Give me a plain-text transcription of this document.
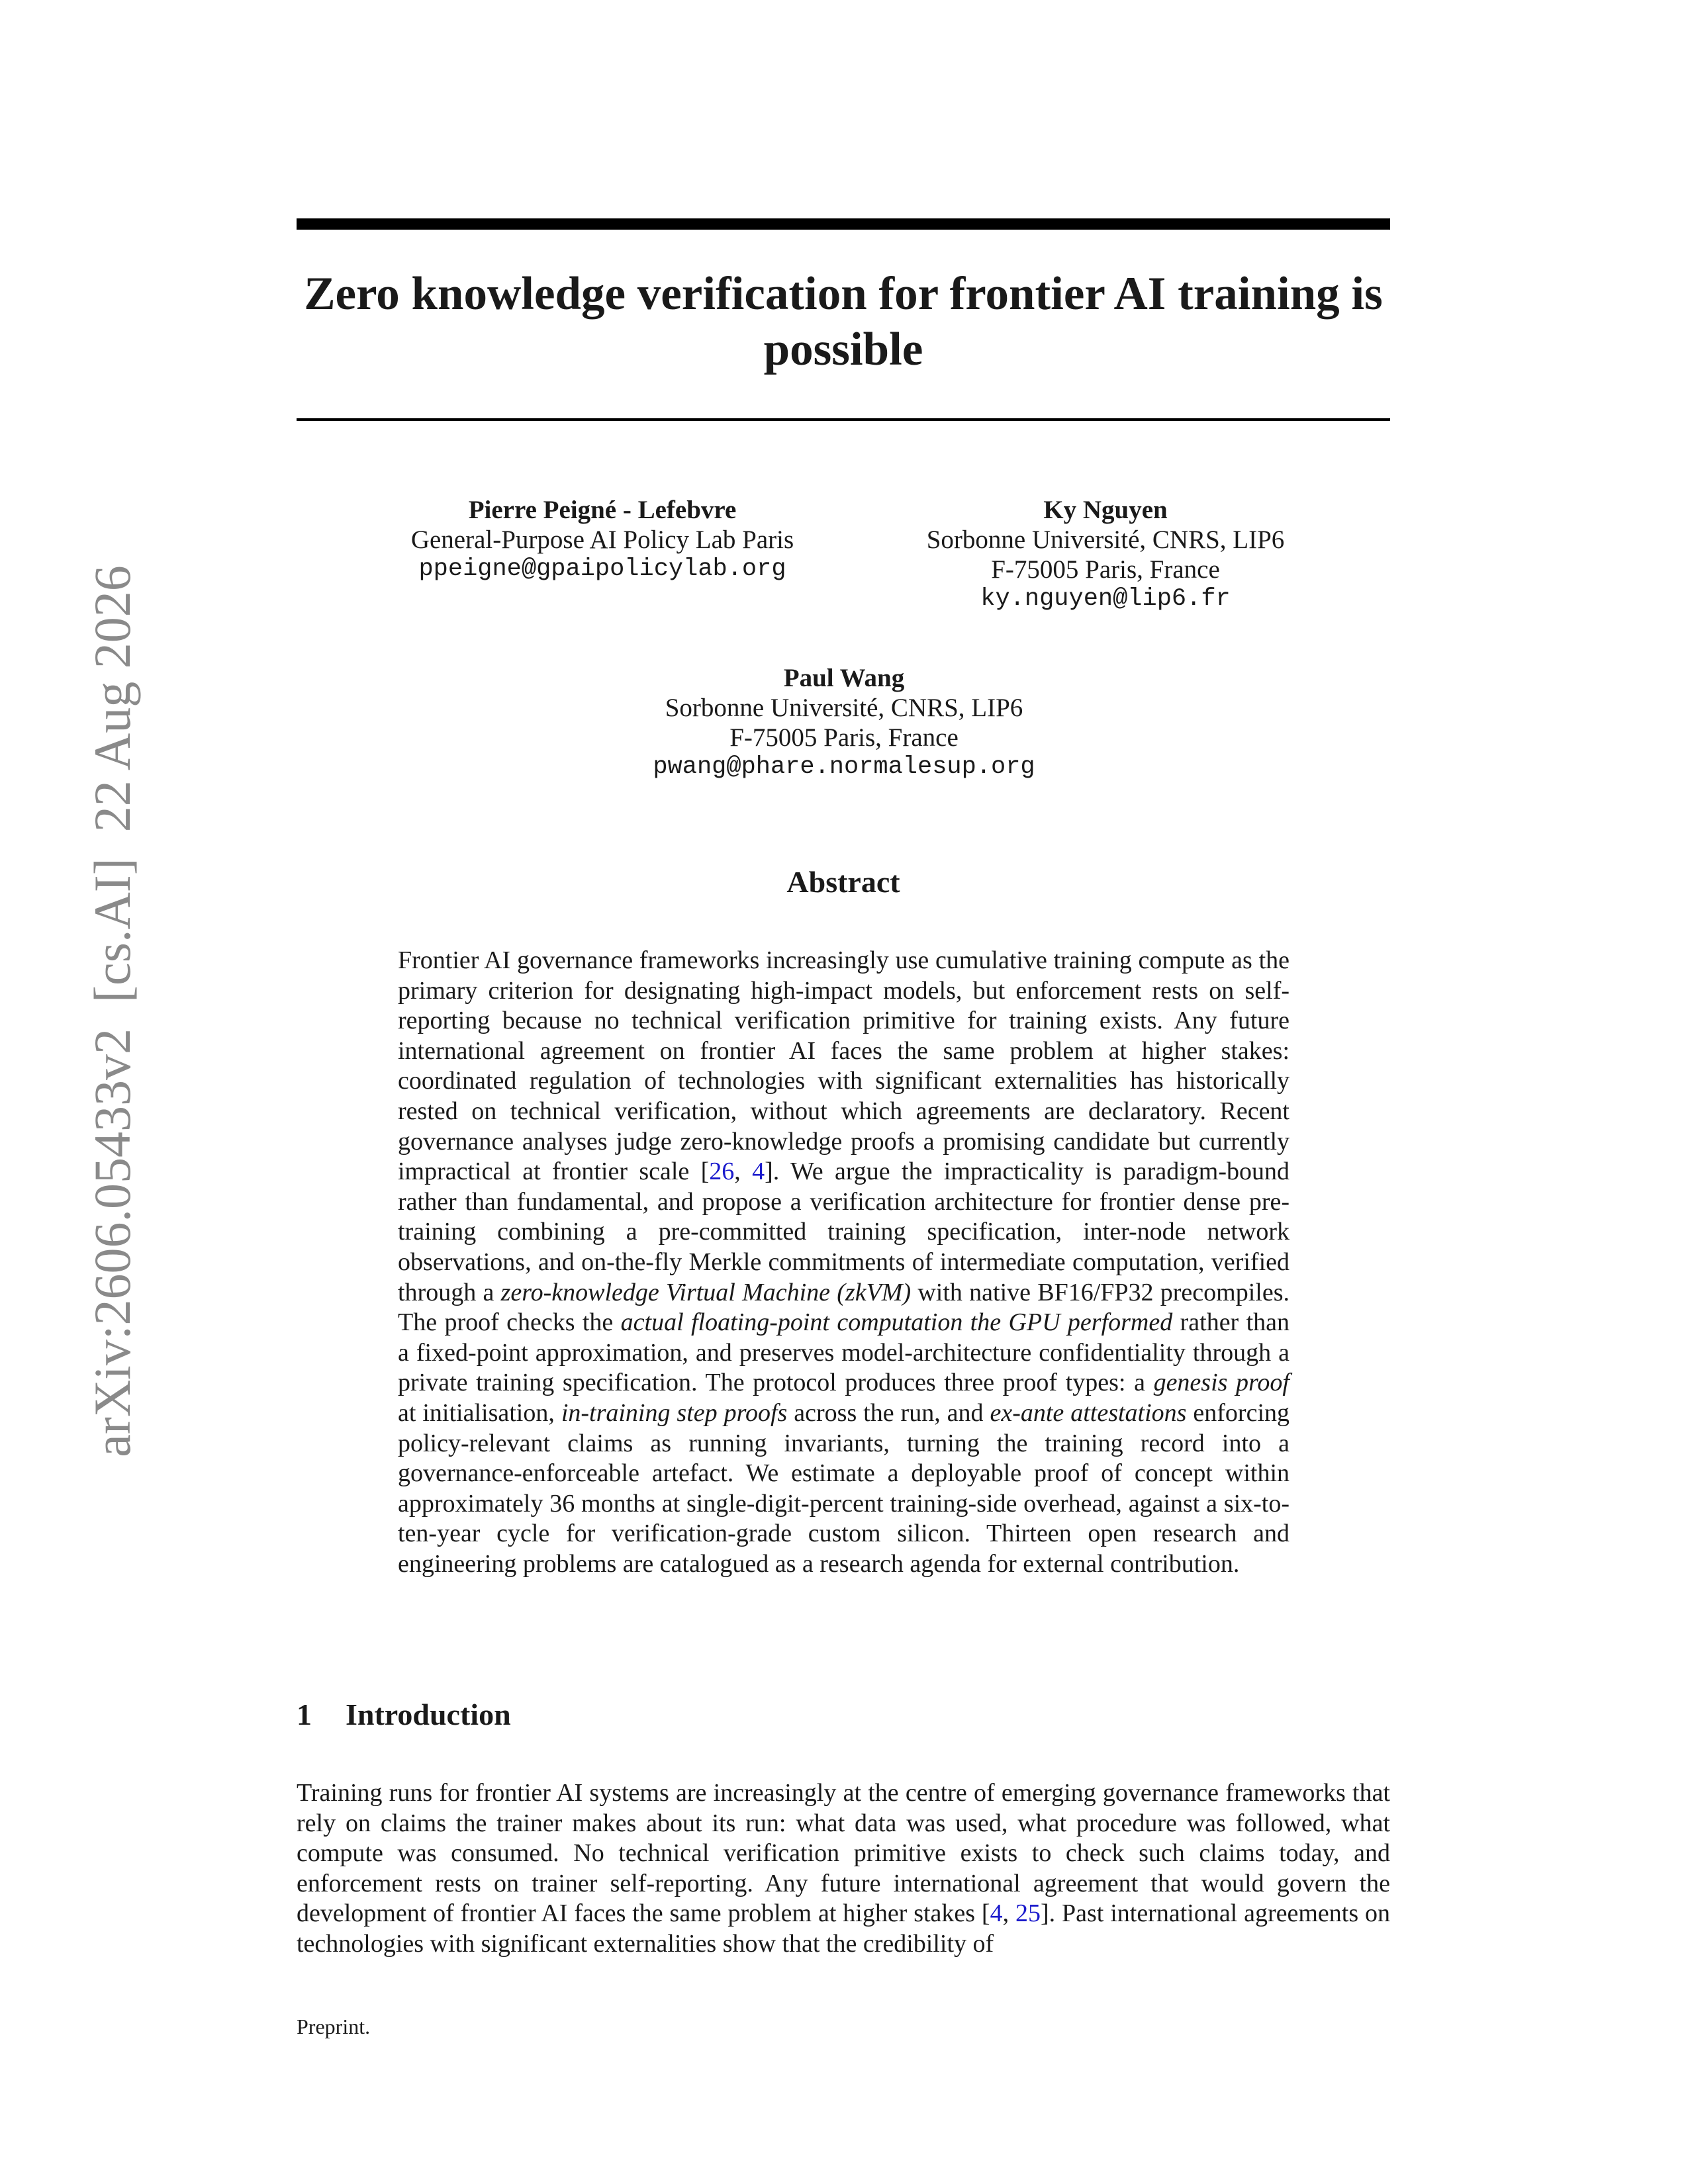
Zero knowledge verification for frontier AI training is possible
Pierre Peigné - Lefebvre
General-Purpose AI Policy Lab Paris
ppeigne@gpaipolicylab.org
Ky Nguyen
Sorbonne Université, CNRS, LIP6
F-75005 Paris, France
ky.nguyen@lip6.fr
Paul Wang
Sorbonne Université, CNRS, LIP6
F-75005 Paris, France
pwang@phare.normalesup.org
Abstract

Frontier AI governance frameworks increasingly use cumulative training compute as the primary criterion for designating high-impact models, but enforcement rests on self-reporting because no technical verification primitive for training exists. Any future international agreement on frontier AI faces the same problem at higher stakes: coordinated regulation of technologies with significant externalities has historically rested on technical verification, without which agreements are declaratory. Recent governance analyses judge zero-knowledge proofs a promising candidate but currently impractical at frontier scale [26, 4]. We argue the impracticality is paradigm-bound rather than fundamental, and propose a verification architecture for frontier dense pre-training combining a pre-committed training specification, inter-node network observations, and on-the-fly Merkle commitments of intermediate computation, verified through a zero-knowledge Virtual Machine (zkVM) with native BF16/FP32 precompiles. The proof checks the actual floating-point computation the GPU performed rather than a fixed-point approximation, and preserves model-architecture confidentiality through a private training specification. The protocol produces three proof types: a genesis proof at initialisation, in-training step proofs across the run, and ex-ante attestations enforcing policy-relevant claims as running invariants, turning the training record into a governance-enforceable artefact. We estimate a deployable proof of concept within approximately 36 months at single-digit-percent training-side overhead, against a six-to-ten-year cycle for verification-grade custom silicon. Thirteen open research and engineering problems are catalogued as a research agenda for external contribution.

1 Introduction

Training runs for frontier AI systems are increasingly at the centre of emerging governance frameworks that rely on claims the trainer makes about its run: what data was used, what procedure was followed, what compute was consumed. No technical verification primitive exists to check such claims today, and enforcement rests on trainer self-reporting. Any future international agreement that would govern the development of frontier AI faces the same problem at higher stakes [4, 25]. Past international agreements on technologies with significant externalities show that the credibility of

arXiv:2606.05433v2  [cs.AI]  22 Aug 2026
Preprint.
